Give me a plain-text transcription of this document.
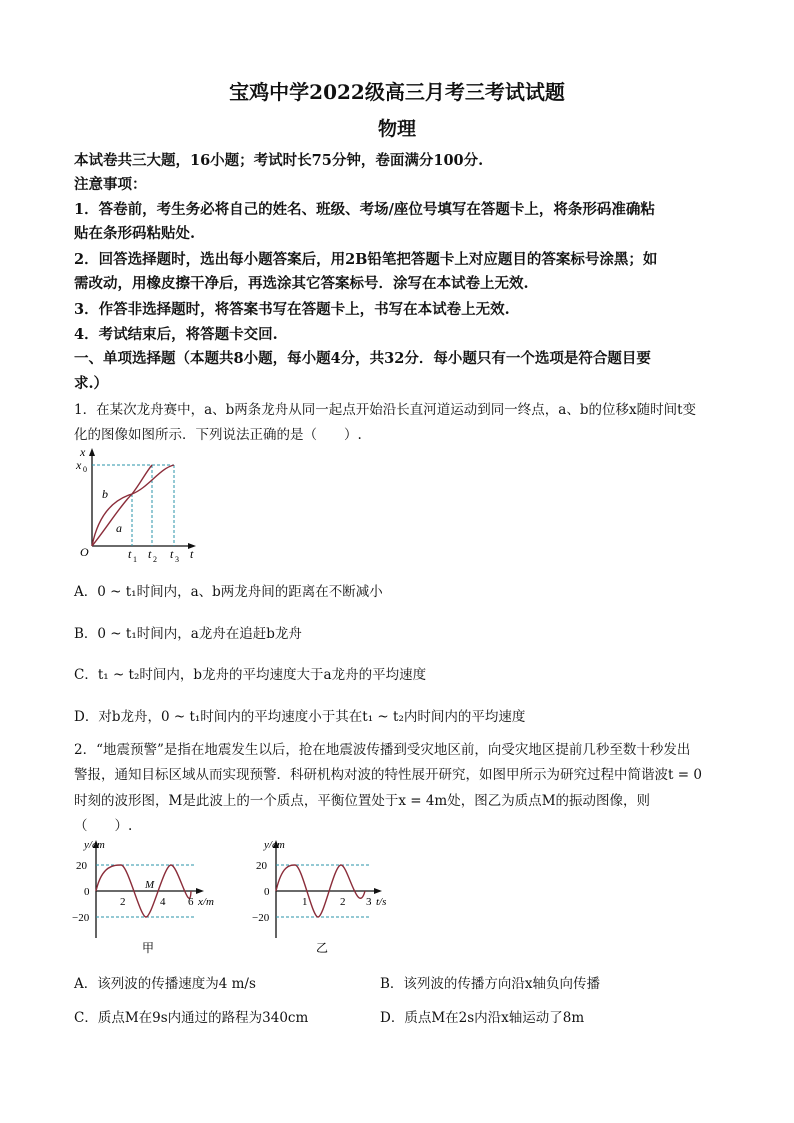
宝鸡中学2022级高三月考三考试试题
物理
本试卷共三大题，16小题；考试时长75分钟，卷面满分100分.
注意事项：
1．答卷前，考生务必将自己的姓名、班级、考场/座位号填写在答题卡上，将条形码准确粘
贴在条形码粘贴处.
2．回答选择题时，选出每小题答案后，用2B铅笔把答题卡上对应题目的答案标号涂黑；如
需改动，用橡皮擦干净后，再选涂其它答案标号．涂写在本试卷上无效.
3．作答非选择题时，将答案书写在答题卡上，书写在本试卷上无效.
4．考试结束后，将答题卡交回.
一、单项选择题（本题共8小题，每小题4分，共32分．每小题只有一个选项是符合题目要
求.）
1．在某次龙舟赛中，a、b两条龙舟从同一起点开始沿长直河道运动到同一终点，a、b的位移x随时间t变
化的图像如图所示．下列说法正确的是（　　）.
x
x 0
O	t
b
a
t 1 t 2 t 3
A．0 ~ t₁时间内，a、b两龙舟间的距离在不断减小
B．0 ~ t₁时间内，a龙舟在追赶b龙舟
C．t₁ ~ t₂时间内，b龙舟的平均速度大于a龙舟的平均速度
D．对b龙舟，0 ~ t₁时间内的平均速度小于其在t₁ ~ t₂内时间内的平均速度
2．“地震预警”是指在地震发生以后，抢在地震波传播到受灾地区前，向受灾地区提前几秒至数十秒发出
警报，通知目标区域从而实现预警．科研机构对波的特性展开研究，如图甲所示为研究过程中简谐波t = 0
时刻的波形图，M是此波上的一个质点，平衡位置处于x = 4m处，图乙为质点M的振动图像，则
（　　）.
y/cm
20
0
−20
2	4 6 x/m
M
甲
y/cm
20
0
−20
1	2 3 t/s
乙
A．该列波的传播速度为4 m/s	B．该列波的传播方向沿x轴负向传播
C．质点M在9s内通过的路程为340cm	D．质点M在2s内沿x轴运动了8m
